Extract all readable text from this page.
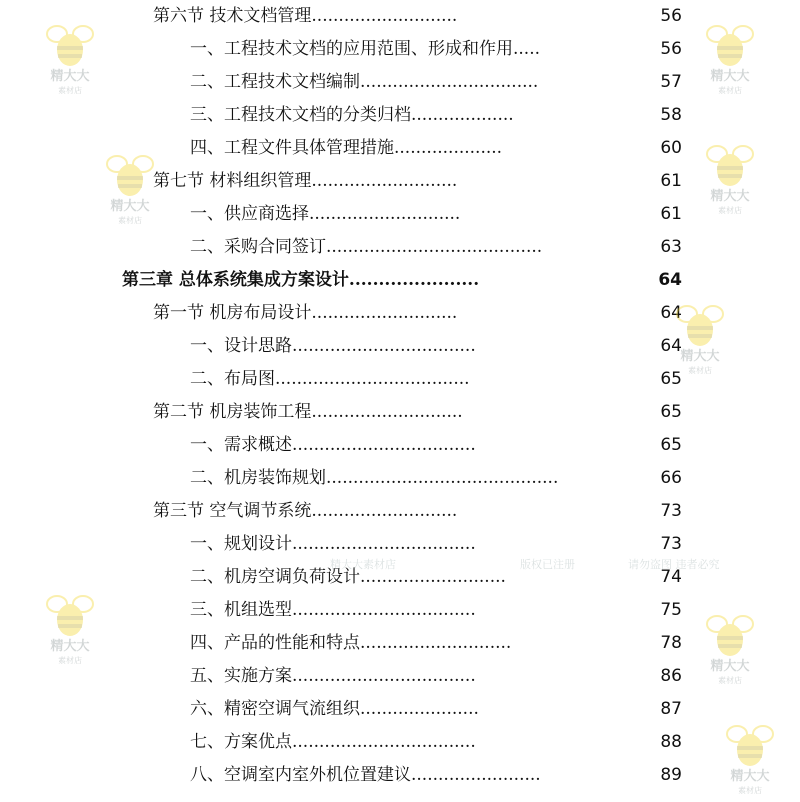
第六节 技术文档管理...........................	56
一、工程技术文档的应用范围、形成和作用.....	56
二、工程技术文档编制.................................	57
三、工程技术文档的分类归档...................	58
四、工程文件具体管理措施....................	60
第七节 材料组织管理...........................	61
一、供应商选择............................	61
二、采购合同签订........................................	63
第三章 总体系统集成方案设计......................	64
第一节 机房布局设计...........................	64
一、设计思路..................................	64
二、布局图....................................	65
第二节 机房装饰工程............................	65
一、需求概述..................................	65
二、机房装饰规划...........................................	66
第三节 空气调节系统...........................	73
一、规划设计..................................	73
二、机房空调负荷设计...........................	74
三、机组选型..................................	75
四、产品的性能和特点............................	78
五、实施方案..................................	86
六、精密空调气流组织......................	87
七、方案优点..................................	88
八、空调室内室外机位置建议........................	89
精大大
素材店
精大大
素材店
精大大
素材店
精大大
素材店
精大大
素材店
精大大
素材店	精大大
素材店
精大大
素材店
版权已注册	请勿盗图 违者必究
精大大素材店
